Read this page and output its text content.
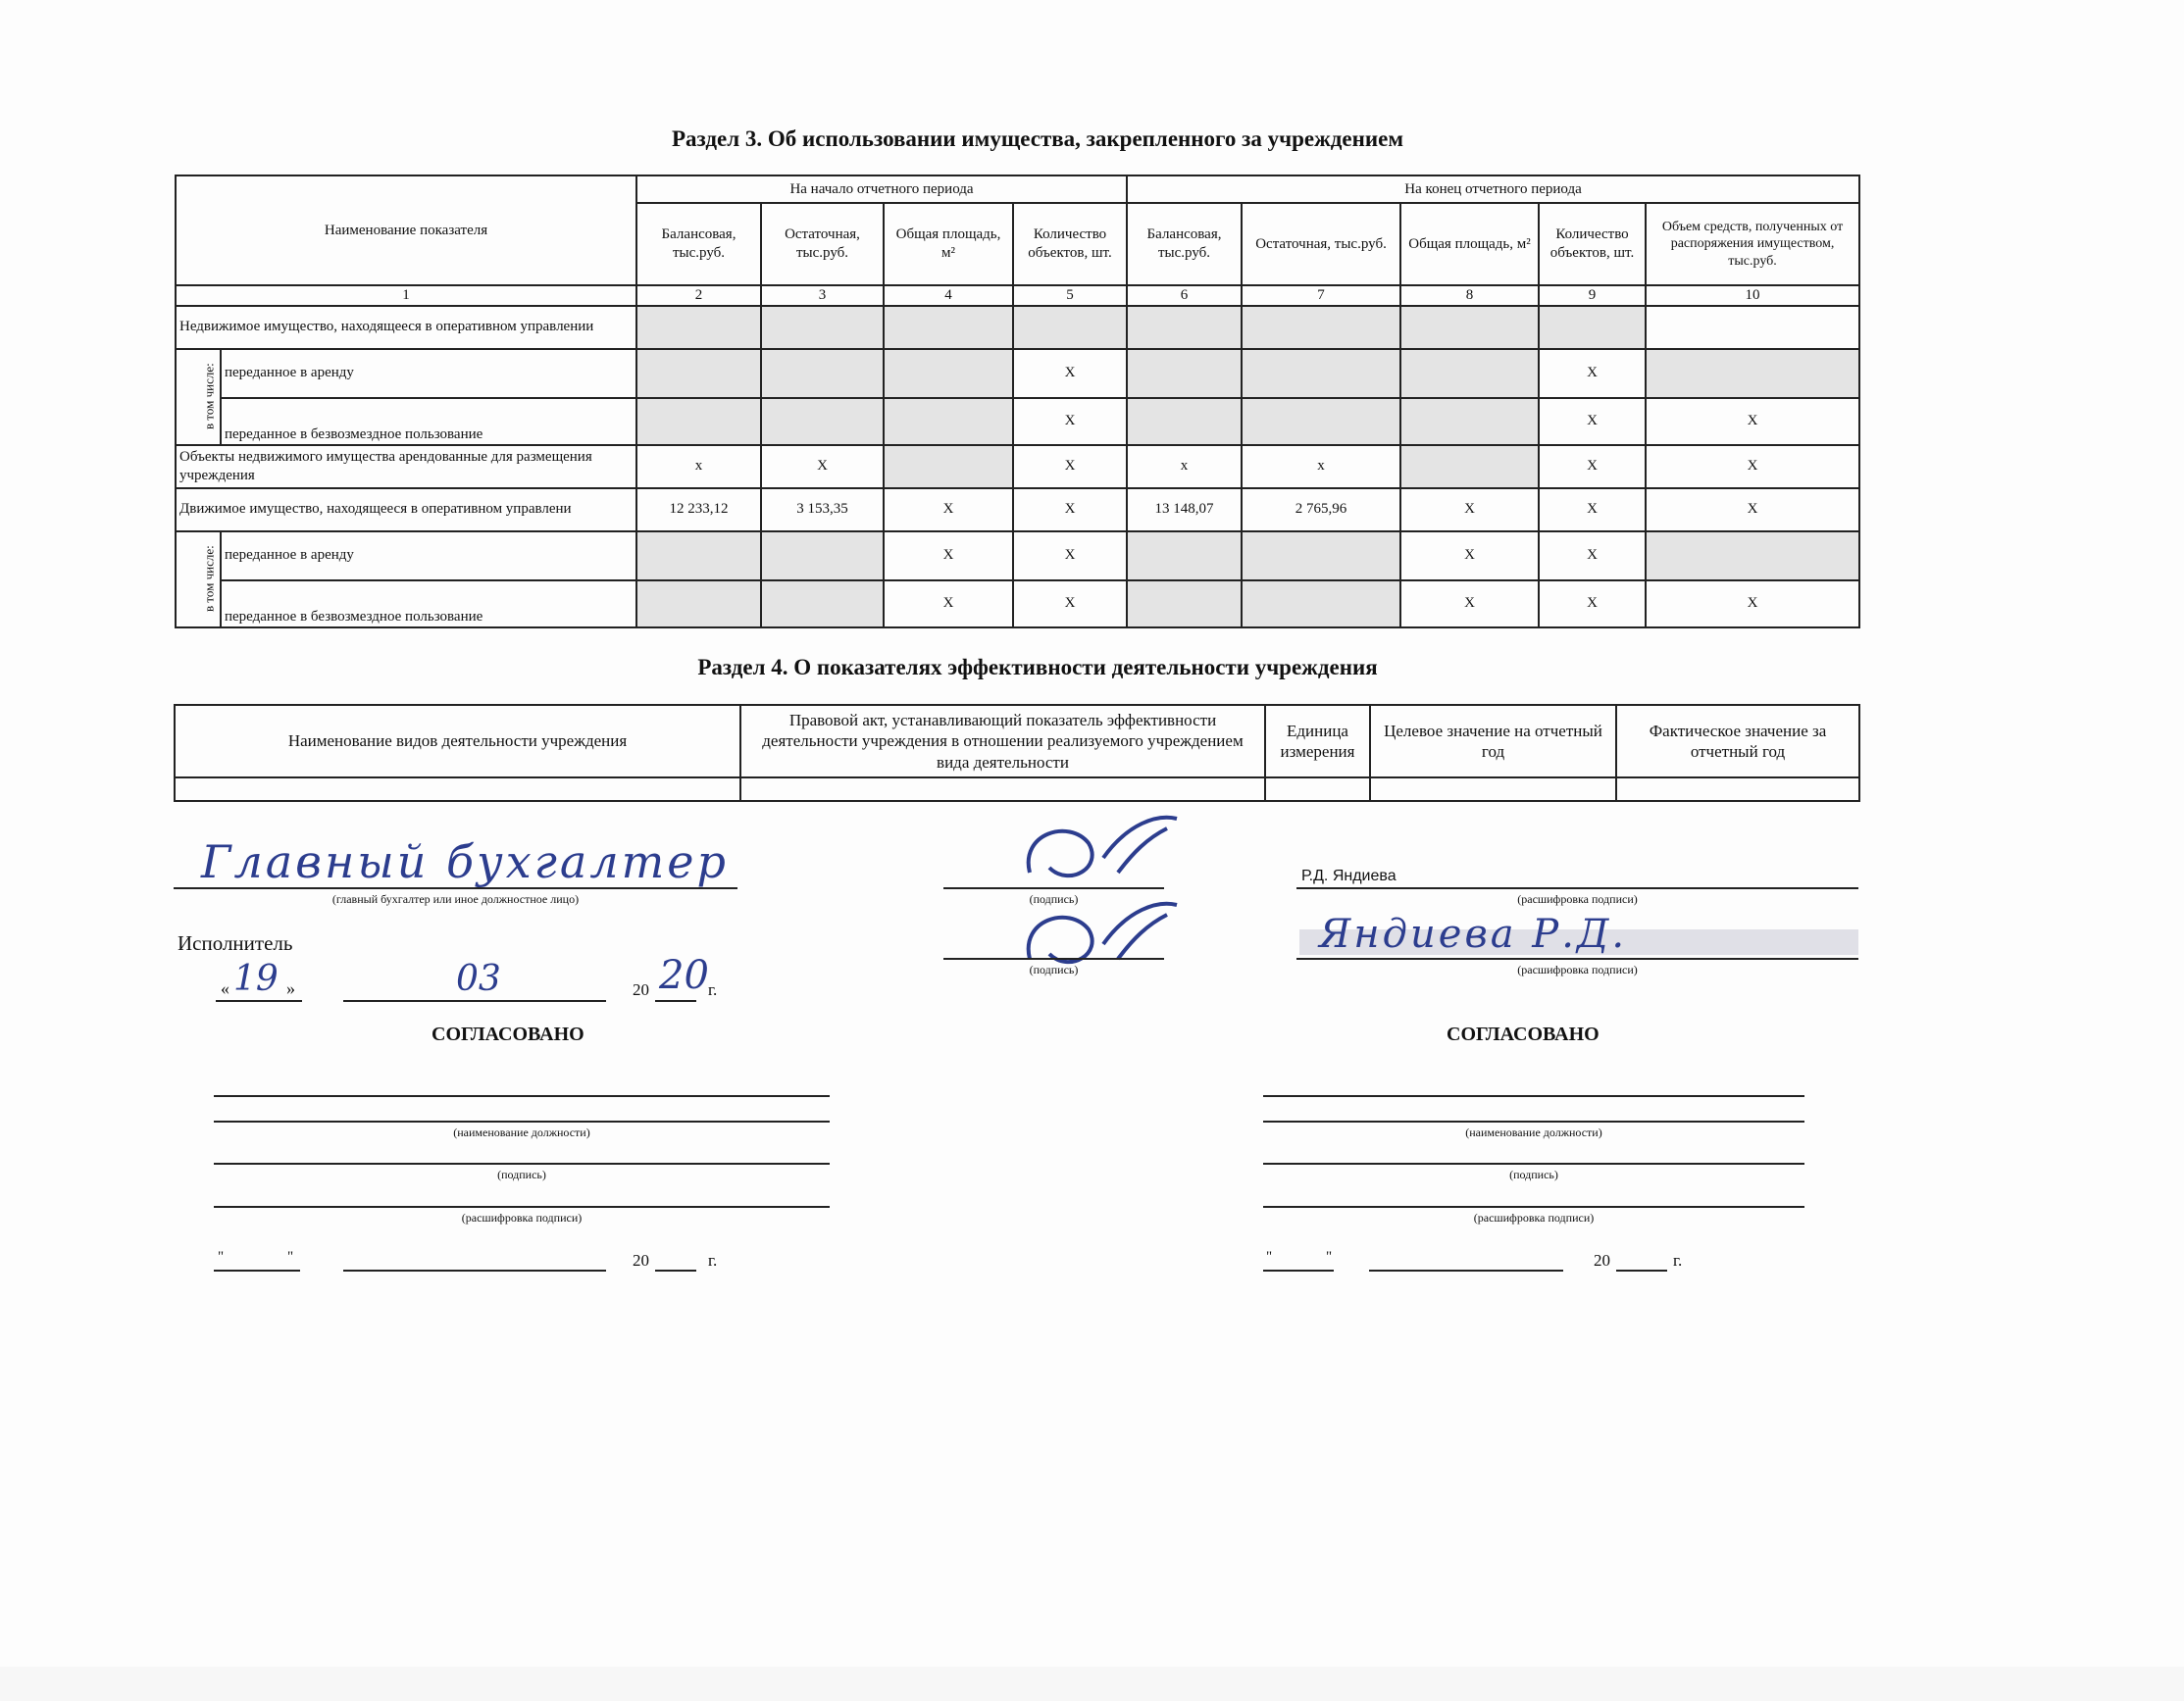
Раздел 3. Об использовании имущества, закрепленного за учреждением
Наименование показателя		На начало отчетного периода				На конец отчетного периода				
		Балансовая, тыс.руб.	Остаточная, тыс.руб.	Общая площадь, м²	Количество объектов, шт.	Балансовая, тыс.руб.	Остаточная, тыс.руб.	Общая площадь, м²	Количество объектов, шт.	Объем средств, полученных от распоряжения имуществом, тыс.руб.
1		2	3	4	5	6	7	8	9	10
Недвижимое имущество, находящееся в оперативном управлении										
в том числе:	переданное в аренду				X				X	
	переданное в безвозмездное пользование				X				X	X
Объекты недвижимого имущества арендованные для размещения учреждения		x	X		X	x	x		X	X
Движимое имущество, находящееся в оперативном управлени		12 233,12	3 153,35	X	X	13 148,07	2 765,96	X	X	X
в том числе:	переданное в аренду			X	X			X	X	
	переданное в безвозмездное пользование			X	X			X	X	X
Раздел 4. О показателях эффективности деятельности учреждения
Наименование видов деятельности учреждения	Правовой акт, устанавливающий показатель эффективности деятельности учреждения в отношении реализуемого учреждением вида деятельности	Единица измерения	Целевое значение на отчетный год	Фактическое значение за отчетный год

Главный бухгалтер
(главный бухгалтер или иное должностное лицо)	(подпись)
Р.Д. Яндиева
(расшифровка подписи)
Исполнитель
(подпись)
Яндиева Р.Д.
(расшифровка подписи)
« 19 »	03	20 20 г.
СОГЛАСОВАНО
(наименование должности)
(подпись)
(расшифровка подписи)
"	"	20	г.
СОГЛАСОВАНО
(наименование должности)
(подпись)
(расшифровка подписи)
"	"	20	г.
